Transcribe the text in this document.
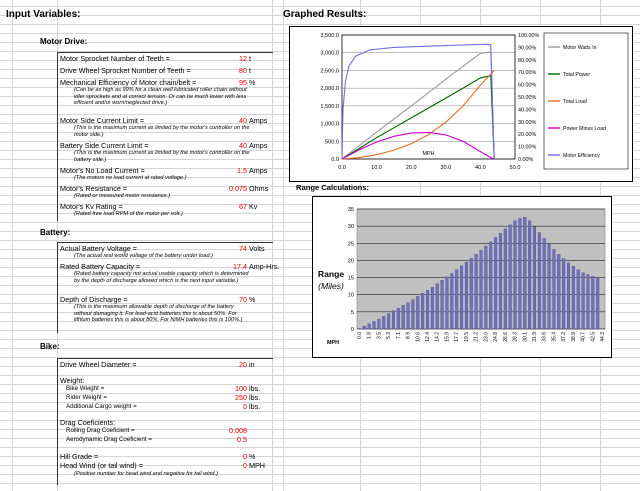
Input Variables:	Graphed Results:
Motor Drive:
Motor Sprocket Number of Teeth =	12 t
Drive Wheel Sprocket Number of Teeth =	80 t
Mechanical Efficiency of Motor chain/belt =	95 %
(Can be as high as 99% for a clean well lubricated roller chain without idler sprockets and at correct tension. Or can be much lower with less efficient and/or worn/neglected drive.)
Motor Side Current Limit =	40 Amps
(This is the maximum current as limited by the motor's controller on the motor side.)
Battery Side Current Limit =	40 Amps
(This is the maximum current as limited by the motor's controller on the battery side.)
Motor's No Load Current =	1.5 Amps
(The motors no load current at rated voltage.)
Motor's Resistance =	0.075 Ohms
(Rated or measured motor resistance.)
Motor's Kv Rating =	67 Kv
(Rated free load RPM of the motor per volt.)
Battery:
Actual Battery Voltage =	74 Volts
(The actual real world voltage of the battery under load.)
Rated Battery Capacity =	17.4 Amp-Hrs.
(Rated battery capacity not actual usable capacity which is determined by the depth of discharge allowed which is the next input variable.)
Depth of Discharge =	70 %
(This is the maximum allowable depth of discharge of the battery without damaging it. For lead-acid batteries this is about 50%. For lithium batteries this is about 80%. For NiMH batteries this is 100%.)
Bike:
Drive Wheel Diameter =	20 in
Weight:
Bike Weight =	100 lbs.
Rider Weight =	250 lbs.
Additional Cargo weight =	0 lbs.
Drag Coeficients:
Rolling Drag Coeficient =	0.008
Aerodynamic Drag Coeficient =	0.5
Hill Grade =	0 %
Head Wind (or tail wind) =	0 MPH
(Positive number for head wind and negative for tail wind.)
0.0
500.0
1,000.0
1,500.0
2,000.0
2,500.0
3,000.0
3,500.0
0.00%
10.00%
20.00%
30.00%
40.00%
50.00%
60.00%
70.00%
80.00%
90.00%
100.00%
0.0	10.0	20.0	30.0	40.0	50.0
MPH
Motor Watts In
Total Power
Total Load
Power Minus Load
Motor Efficiency
Range Calculations:
0
5
10
15
20
25
30
35
0.0 1.8 3.5 5.3 7.1 8.9 10.6 12.4 14.2 15.9 17.7 19.5 21.2 23.0 24.8 26.6 28.3 30.1 31.9 33.6 35.4 37.2 38.9 40.7 42.5 44.3
MPH
Range
(Miles)
